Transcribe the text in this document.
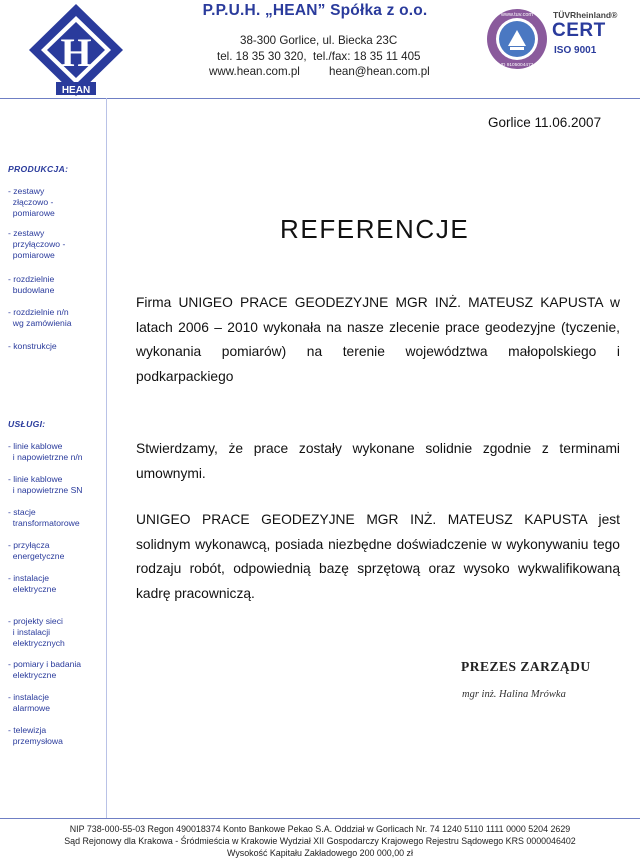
H
HEAN
P.P.U.H. „HEAN” Spółka z o.o.
38-300 Gorlice, ul. Biecka 23C
tel. 18 35 30 320,  tel./fax: 18 35 11 405
www.hean.com.pl	hean@hean.com.pl
www.tuv.com
ID 9105004473
TÜVRheinland®
CERT
ISO 9001
PRODUKCJA:
- zestawy
złączowo -
pomiarowe
- zestawy
przyłączowo -
pomiarowe
- rozdzielnie
budowlane
- rozdzielnie n/n
wg zamówienia
- konstrukcje
USŁUGI:
- linie kablowe
i napowietrzne n/n
- linie kablowe
i napowietrzne SN
- stacje
transformatorowe
- przyłącza
energetyczne
- instalacje
elektryczne
- projekty sieci
i instalacji
elektrycznych
- pomiary i badania
elektryczne
- instalacje
alarmowe
- telewizja
przemysłowa
Gorlice 11.06.2007
REFERENCJE
Firma UNIGEO PRACE GEODEZYJNE MGR INŻ. MATEUSZ KAPUSTA w latach 2006 – 2010 wykonała na nasze zlecenie prace geodezyjne (tyczenie, wykonania pomiarów) na terenie województwa małopolskiego i podkarpackiego
Stwierdzamy, że prace zostały wykonane solidnie zgodnie z terminami umownymi.
UNIGEO PRACE GEODEZYJNE MGR INŻ. MATEUSZ KAPUSTA jest solidnym wykonawcą, posiada niezbędne doświadczenie w wykonywaniu tego rodzaju robót, odpowiednią bazę sprzętową oraz wysoko wykwalifikowaną kadrę pracowniczą.
PREZES ZARZĄDU
mgr inż. Halina Mrówka
NIP 738-000-55-03 Regon 490018374 Konto Bankowe Pekao S.A. Oddział w Gorlicach Nr. 74 1240 5110 1111 0000 5204 2629
Sąd Rejonowy dla Krakowa - Śródmieścia w Krakowie Wydział XII Gospodarczy Krajowego Rejestru Sądowego KRS 0000046402
Wysokość Kapitału Zakładowego 200 000,00 zł
